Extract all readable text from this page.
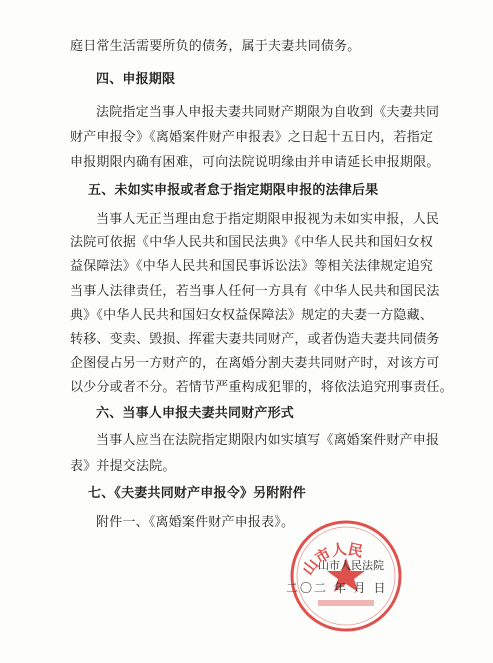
庭日常生活需要所负的债务，属于夫妻共同债务。
四、申报期限
法院指定当事人申报夫妻共同财产期限为自收到《夫妻共同
财产申报令》《离婚案件财产申报表》之日起十五日内，若指定
申报期限内确有困难，可向法院说明缘由并申请延长申报期限。
五、未如实申报或者怠于指定期限申报的法律后果
当事人无正当理由怠于指定期限申报视为未如实申报，人民
法院可依据《中华人民共和国民法典》《中华人民共和国妇女权
益保障法》《中华人民共和国民事诉讼法》等相关法律规定追究
当事人法律责任，若当事人任何一方具有《中华人民共和国民法
典》《中华人民共和国妇女权益保障法》规定的夫妻一方隐藏、
转移、变卖、毁损、挥霍夫妻共同财产，或者伪造夫妻共同债务
企图侵占另一方财产的，在离婚分割夫妻共同财产时，对该方可
以少分或者不分。若情节严重构成犯罪的，将依法追究刑事责任。
六、当事人申报夫妻共同财产形式
当事人应当在法院指定期限内如实填写《离婚案件财产申报
表》并提交法院。
七、《夫妻共同财产申报令》另附附件
附件一、《离婚案件财产申报表》。
山市人民
山市人民法院
二〇二 年 月 日
